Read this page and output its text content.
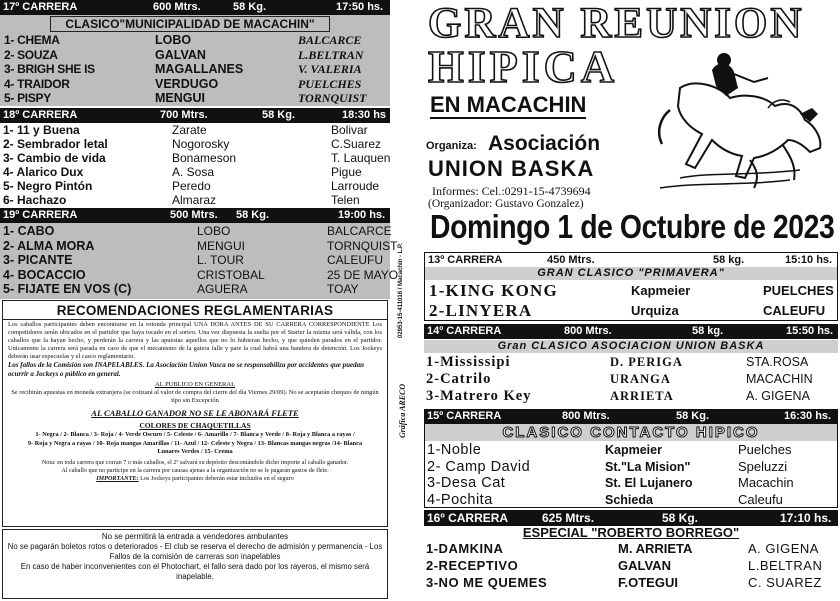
17º CARRERA	600 Mtrs.	58 Kg.	17:50 hs.
CLASICO"MUNICIPALIDAD DE MACACHIN"
1- CHEMA	LOBO	BALCARCE
2- SOUZA	GALVAN	L.BELTRAN
3- BRIGH SHE IS	MAGALLANES	V. VALERIA
4- TRAIDOR	VERDUGO	PUELCHES
5- PISPY	MENGUI	TORNQUIST
18º CARRERA	700 Mtrs.	58 Kg.	18:30 hs
1- 11 y Buena	Zarate	Bolivar
2- Sembrador letal	Nogorosky	C.Suarez
3- Cambio de vida	Bonameson	T. Lauquen
4- Alarico Dux	A. Sosa	Pigue
5- Negro Pintón	Peredo	Larroude
6- Hachazo	Almaraz	Telen
19º CARRERA	500 Mtrs. 58 Kg.	19:00 hs.
1- CABO	LOBO	BALCARCE
2- ALMA MORA	MENGUI	TORNQUIST
3- PICANTE	L. TOUR	CALEUFU
4- BOCACCIO	CRISTOBAL	25 DE MAYO
5- FIJATE EN VOS (C)	AGUERA	TOAY
RECOMENDACIONES REGLAMENTARIAS
Los caballos participantes deben encontrarse en la rotonda principal UNA HORA ANTES DE SU CARRERA CORRESPONDIENTE Los competidores serán ubicados en el partidor que haya tocado en el sorteo. Una vez dispuesta la suelta por el Starter la misma será válida, con los caballos que la hayan hecho, y perderán la carrera y las apuestas aquellos que no lo hubieran hecho, y que quieden parados en el partidor. Unicamente la carrera será parada en caso de que el mecanismo de la gatera falle y pare la cual habrá una bandera de detención. Los Jockeys deberán usar especuelas y el casco reglamentario.
Los fallos de la Comisión son INAPELABLES. La Asociación Union Vasca no se responsabiliza por accidentes que puedan ocurrir a Jockeys o público en general.
AL PUBLICO EN GENERAL
Se recibirán apuestas en moneda extranjera (se cotizará al valor de compra del cierre del día Viernes 29/09). No se aceptarán cheques de ningún tipo sin Excepción
AL CABALLO GANADOR NO SE LE ABONARÁ FLETE
COLORES DE CHAQUETILLAS
1- Negra / 2- Blanca / 3- Roja / 4- Verde Oscuro / 5- Celeste / 6- Amarillo / 7- Blanca y Verde / 8- Roja y Blanca a rayas /
9- Roja y Negra a rayas / 10- Roja mangas Amarillas / 11- Azul / 12- Celeste y Negra / 13- Blancas mangas negras /14- Blanca
Lunares Verdes / 15- Crema
Nota: en toda carrera que corran 7 o más caballos, el 2º salvará su depósito descontándole dicho importe al caballo ganador.
Al caballo que no participe en la carrera por causas ajenas a la organización no se le pagarán gastos de flete.
IMPORTANTE: Los Jockeys participantes deberán estar incluidos en el seguro
No se permitirá la entrada a vendedores ambulantes
No se pagarán boletos rotos o deteriorados - El club se reserva el derecho de admisión y permanencia - Los Fallos de la comisión de carreras son inapelables
En caso de haber inconvenientes con el Photochart, el fallo sera dado por los rayeros, el mismo será inapelable.
02953-15-411016 / Macachín - L.P.
Gráfica ARECO
GRAN REUNION
HIPICA
EN MACACHIN
Organiza: Asociación
UNION BASKA
Informes: Cel.:0291-15-4739694
(Organizador: Gustavo Gonzalez)
Domingo 1 de Octubre de 2023
13º CARRERA	450 Mtrs.	58 kg.	15:10 hs.
GRAN CLASICO "PRIMAVERA"
1-KING KONG	Kapmeier	PUELCHES
2-LINYERA	Urquiza	CALEUFU
14º CARRERA	800 Mtrs.	58 kg.	15:50 hs.
Gran CLASICO ASOCIACION UNION BASKA
1-Mississipi	D. PERIGA	STA.ROSA
2-Catrilo	URANGA	MACACHIN
3-Matrero Key	ARRIETA	A. GIGENA
15º CARRERA	800 Mtrs.	58 Kg.	16:30 hs.
CLASICO CONTACTO HIPICO
1-Noble	Kapmeier	Puelches
2- Camp David	St."La Mision"	Speluzzi
3-Desa Cat	St. El Lujanero	Macachin
4-Pochita	Schieda	Caleufu
16º CARRERA	625 Mtrs.	58 Kg.	17:10 hs.
ESPECIAL "ROBERTO BORREGO"
1-DAMKINA	M. ARRIETA	A. GIGENA
2-RECEPTIVO	GALVAN	L.BELTRAN
3-NO ME QUEMES	F.OTEGUI	C. SUAREZ
